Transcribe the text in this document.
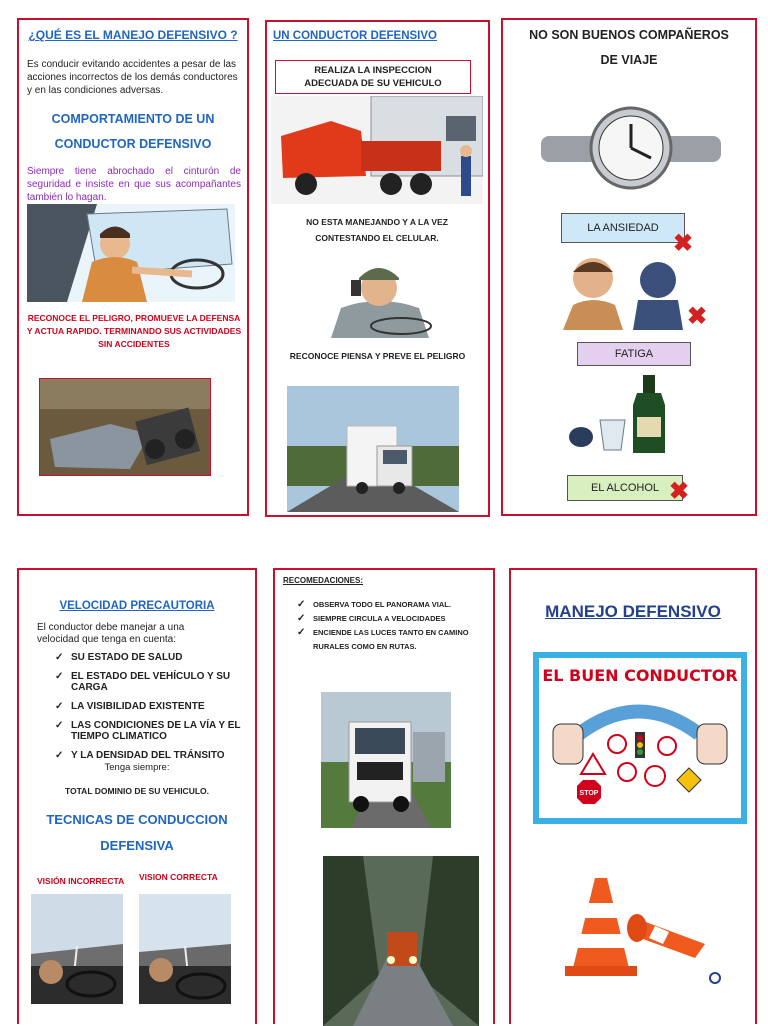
¿QUÉ ES EL MANEJO DEFENSIVO ?
Es conducir evitando accidentes a pesar de las acciones incorrectos de los demás conductores y en las condiciones adversas.
COMPORTAMIENTO DE UN
CONDUCTOR DEFENSIVO
Siempre tiene abrochado el cinturón de seguridad e insiste en que sus acompañantes también lo hagan.
RECONOCE EL PELIGRO, PROMUEVE LA DEFENSA Y ACTUA RAPIDO. TERMINANDO SUS ACTIVIDADES SIN ACCIDENTES
UN CONDUCTOR DEFENSIVO
REALIZA LA INSPECCION ADECUADA DE SU VEHICULO
NO ESTA MANEJANDO Y A LA VEZ CONTESTANDO EL CELULAR.
RECONOCE PIENSA Y PREVE EL PELIGRO
NO SON BUENOS COMPAÑEROS
DE VIAJE
LA ANSIEDAD
✖
✖
FATIGA
EL ALCOHOL ✖
VELOCIDAD PRECAUTORIA
El conductor debe manejar a una velocidad que tenga en cuenta:
✓ SU ESTADO DE SALUD
✓ EL ESTADO DEL VEHÍCULO Y SU CARGA
✓ LA VISIBILIDAD EXISTENTE
✓ LAS CONDICIONES DE LA VÍA Y EL TIEMPO CLIMATICO
✓ Y LA DENSIDAD DEL TRÁNSITO
Tenga siempre:
TOTAL DOMINIO DE SU VEHICULO.
TECNICAS DE CONDUCCION
DEFENSIVA
VISIÓN INCORRECTA VISION CORRECTA
RECOMEDACIONES:
✓ OBSERVA TODO EL PANORAMA VIAL.
✓ SIEMPRE CIRCULA A VELOCIDADES
✓ ENCIENDE LAS LUCES TANTO EN CAMINO RURALES COMO EN RUTAS.
MANEJO DEFENSIVO
EL BUEN CONDUCTOR
STOP
